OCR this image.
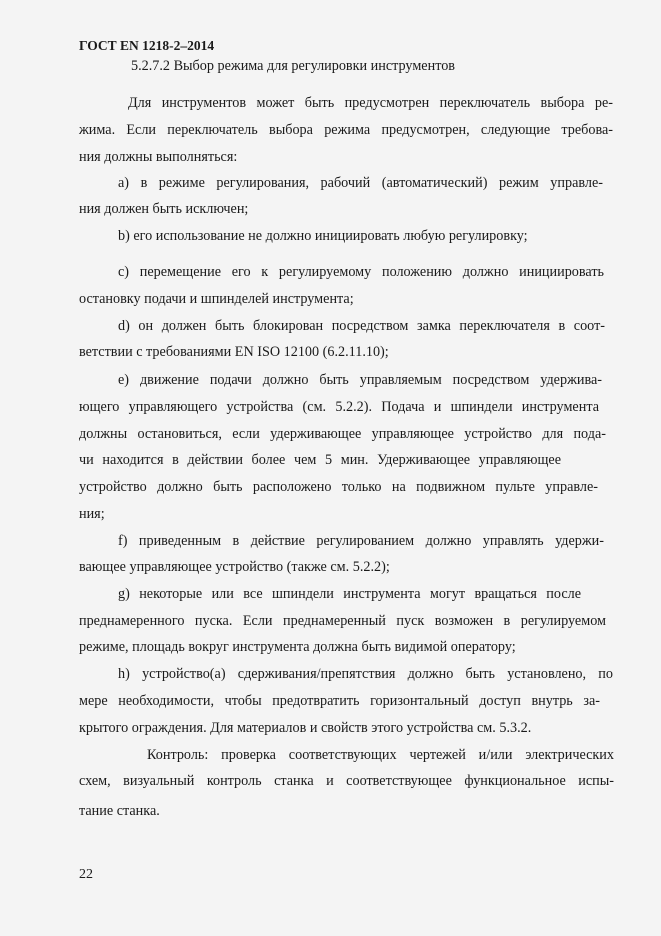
ГОСТ EN 1218-2–2014
5.2.7.2 Выбор режима для регулировки инструментов
Для инструментов может быть предусмотрен переключатель выбора ре-
жима. Если переключатель выбора режима предусмотрен, следующие требова-
ния должны выполняться:
а) в режиме регулирования, рабочий (автоматический) режим управле-
ния должен быть исключен;
b) его использование не должно инициировать любую регулировку;
c) перемещение его к регулируемому положению должно инициировать
остановку подачи и шпинделей инструмента;
d) он должен быть блокирован посредством замка переключателя в соот-
ветствии с требованиями EN ISO 12100 (6.2.11.10);
е) движение подачи должно быть управляемым посредством удержива-
ющего управляющего устройства (см. 5.2.2). Подача и шпиндели инструмента
должны остановиться, если удерживающее управляющее устройство для пода-
чи находится в действии более чем 5 мин. Удерживающее управляющее
устройство должно быть расположено только на подвижном пульте управле-
ния;
f) приведенным в действие регулированием должно управлять удержи-
вающее управляющее устройство (также см. 5.2.2);
g) некоторые или все шпиндели инструмента могут вращаться после
преднамеренного пуска. Если преднамеренный пуск возможен в регулируемом
режиме, площадь вокруг инструмента должна быть видимой оператору;
h) устройство(а) сдерживания/препятствия должно быть установлено, по
мере необходимости, чтобы предотвратить горизонтальный доступ внутрь за-
крытого ограждения. Для материалов и свойств этого устройства см. 5.3.2.
Контроль: проверка соответствующих чертежей и/или электрических
схем, визуальный контроль станка и соответствующее функциональное испы-
тание станка.
22
